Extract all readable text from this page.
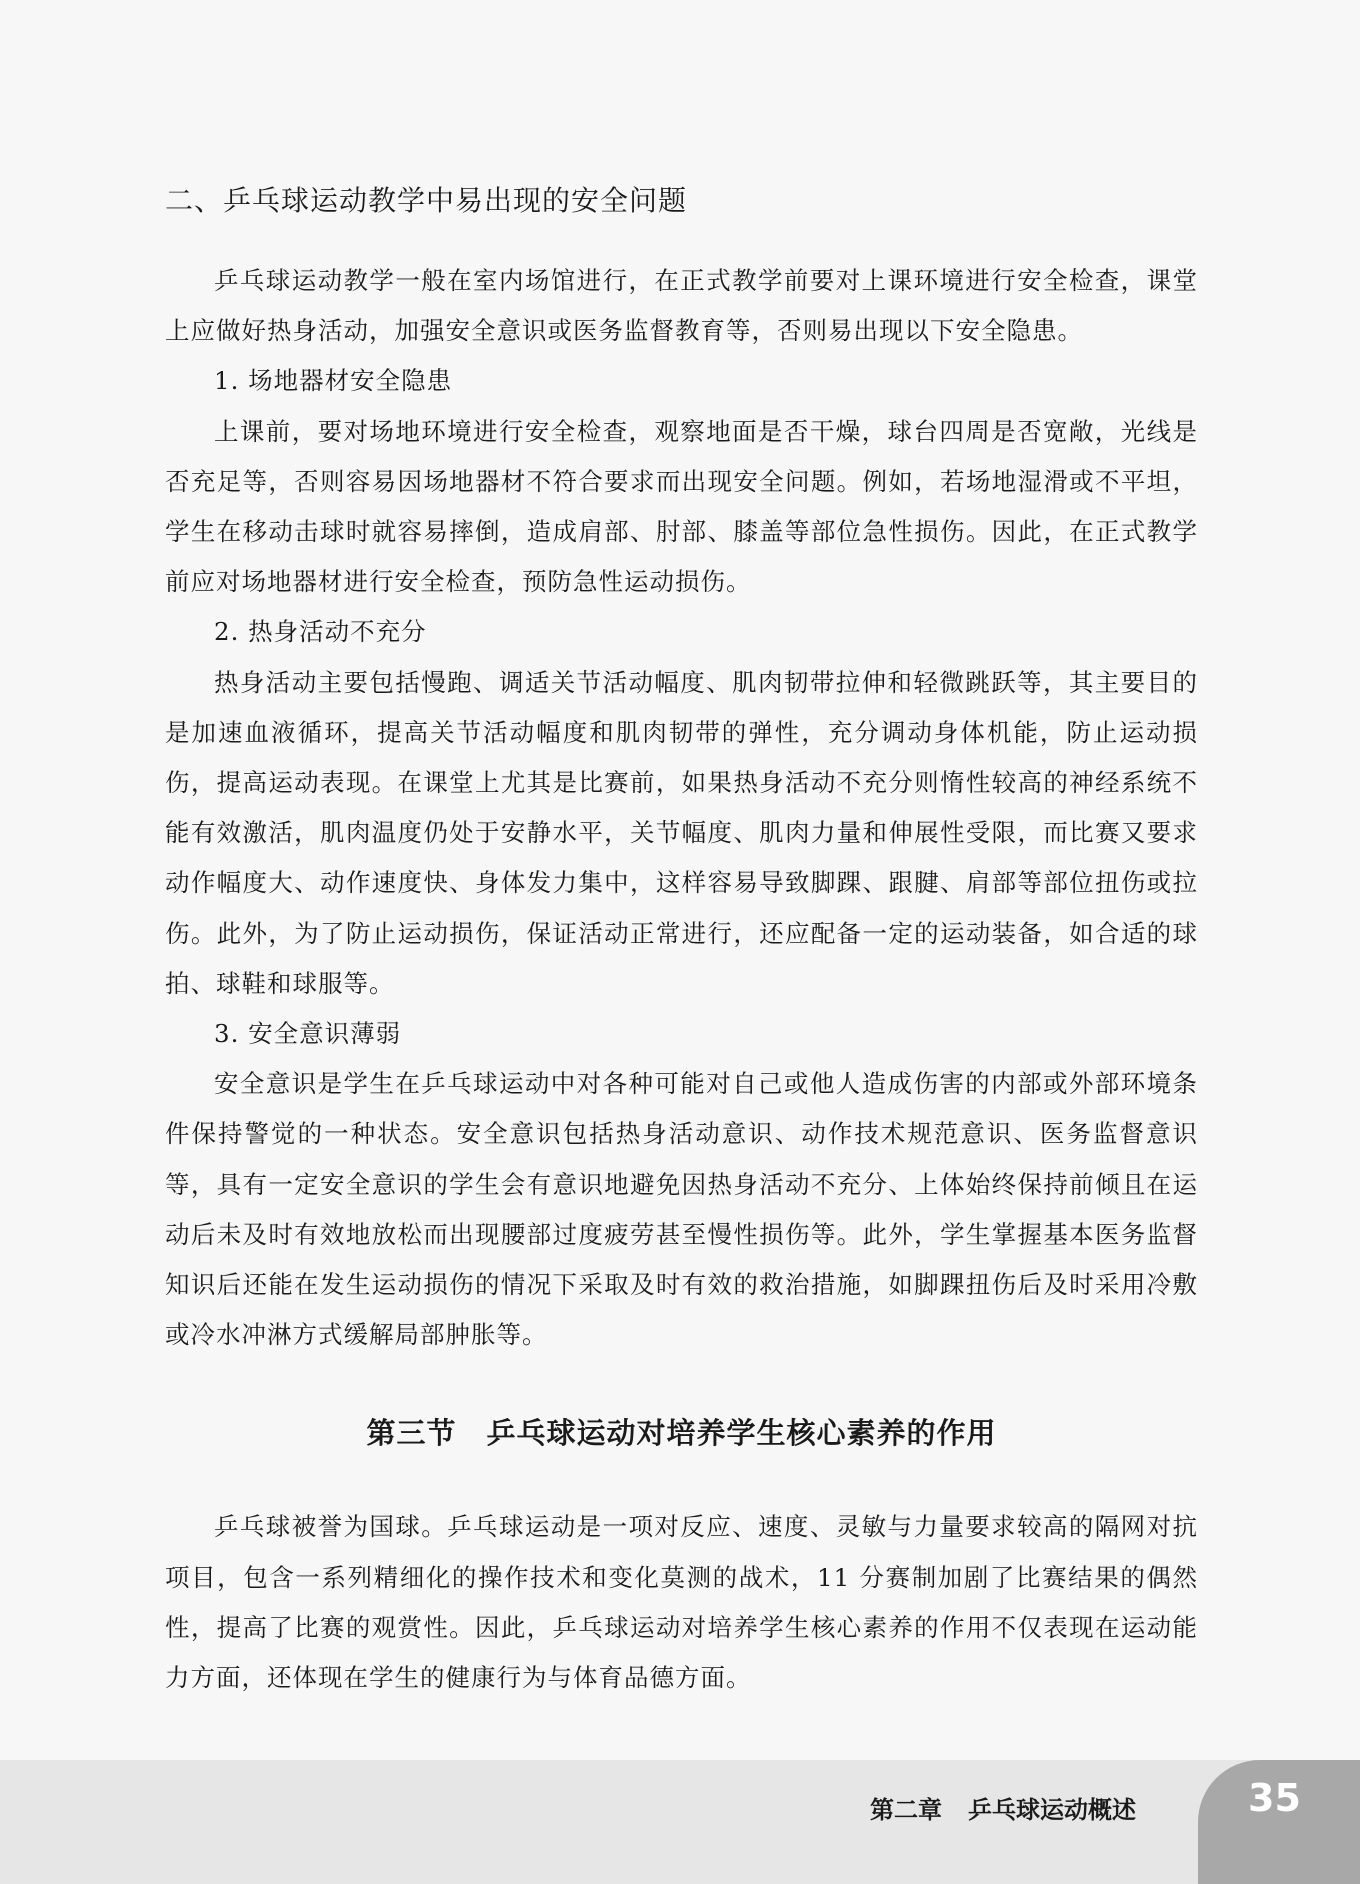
二、乒乓球运动教学中易出现的安全问题

乒乓球运动教学一般在室内场馆进行，在正式教学前要对上课环境进行安全检查，课堂上应做好热身活动，加强安全意识或医务监督教育等，否则易出现以下安全隐患。

1. 场地器材安全隐患

上课前，要对场地环境进行安全检查，观察地面是否干燥，球台四周是否宽敞，光线是否充足等，否则容易因场地器材不符合要求而出现安全问题。例如，若场地湿滑或不平坦，学生在移动击球时就容易摔倒，造成肩部、肘部、膝盖等部位急性损伤。因此，在正式教学前应对场地器材进行安全检查，预防急性运动损伤。

2. 热身活动不充分

热身活动主要包括慢跑、调适关节活动幅度、肌肉韧带拉伸和轻微跳跃等，其主要目的是加速血液循环，提高关节活动幅度和肌肉韧带的弹性，充分调动身体机能，防止运动损伤，提高运动表现。在课堂上尤其是比赛前，如果热身活动不充分则惰性较高的神经系统不能有效激活，肌肉温度仍处于安静水平，关节幅度、肌肉力量和伸展性受限，而比赛又要求动作幅度大、动作速度快、身体发力集中，这样容易导致脚踝、跟腱、肩部等部位扭伤或拉伤。此外，为了防止运动损伤，保证活动正常进行，还应配备一定的运动装备，如合适的球拍、球鞋和球服等。

3. 安全意识薄弱

安全意识是学生在乒乓球运动中对各种可能对自己或他人造成伤害的内部或外部环境条件保持警觉的一种状态。安全意识包括热身活动意识、动作技术规范意识、医务监督意识等，具有一定安全意识的学生会有意识地避免因热身活动不充分、上体始终保持前倾且在运动后未及时有效地放松而出现腰部过度疲劳甚至慢性损伤等。此外，学生掌握基本医务监督知识后还能在发生运动损伤的情况下采取及时有效的救治措施，如脚踝扭伤后及时采用冷敷或冷水冲淋方式缓解局部肿胀等。

第三节 乒乓球运动对培养学生核心素养的作用

乒乓球被誉为国球。乒乓球运动是一项对反应、速度、灵敏与力量要求较高的隔网对抗项目，包含一系列精细化的操作技术和变化莫测的战术，11 分赛制加剧了比赛结果的偶然性，提高了比赛的观赏性。因此，乒乓球运动对培养学生核心素养的作用不仅表现在运动能力方面，还体现在学生的健康行为与体育品德方面。

第二章 乒乓球运动概述	35
